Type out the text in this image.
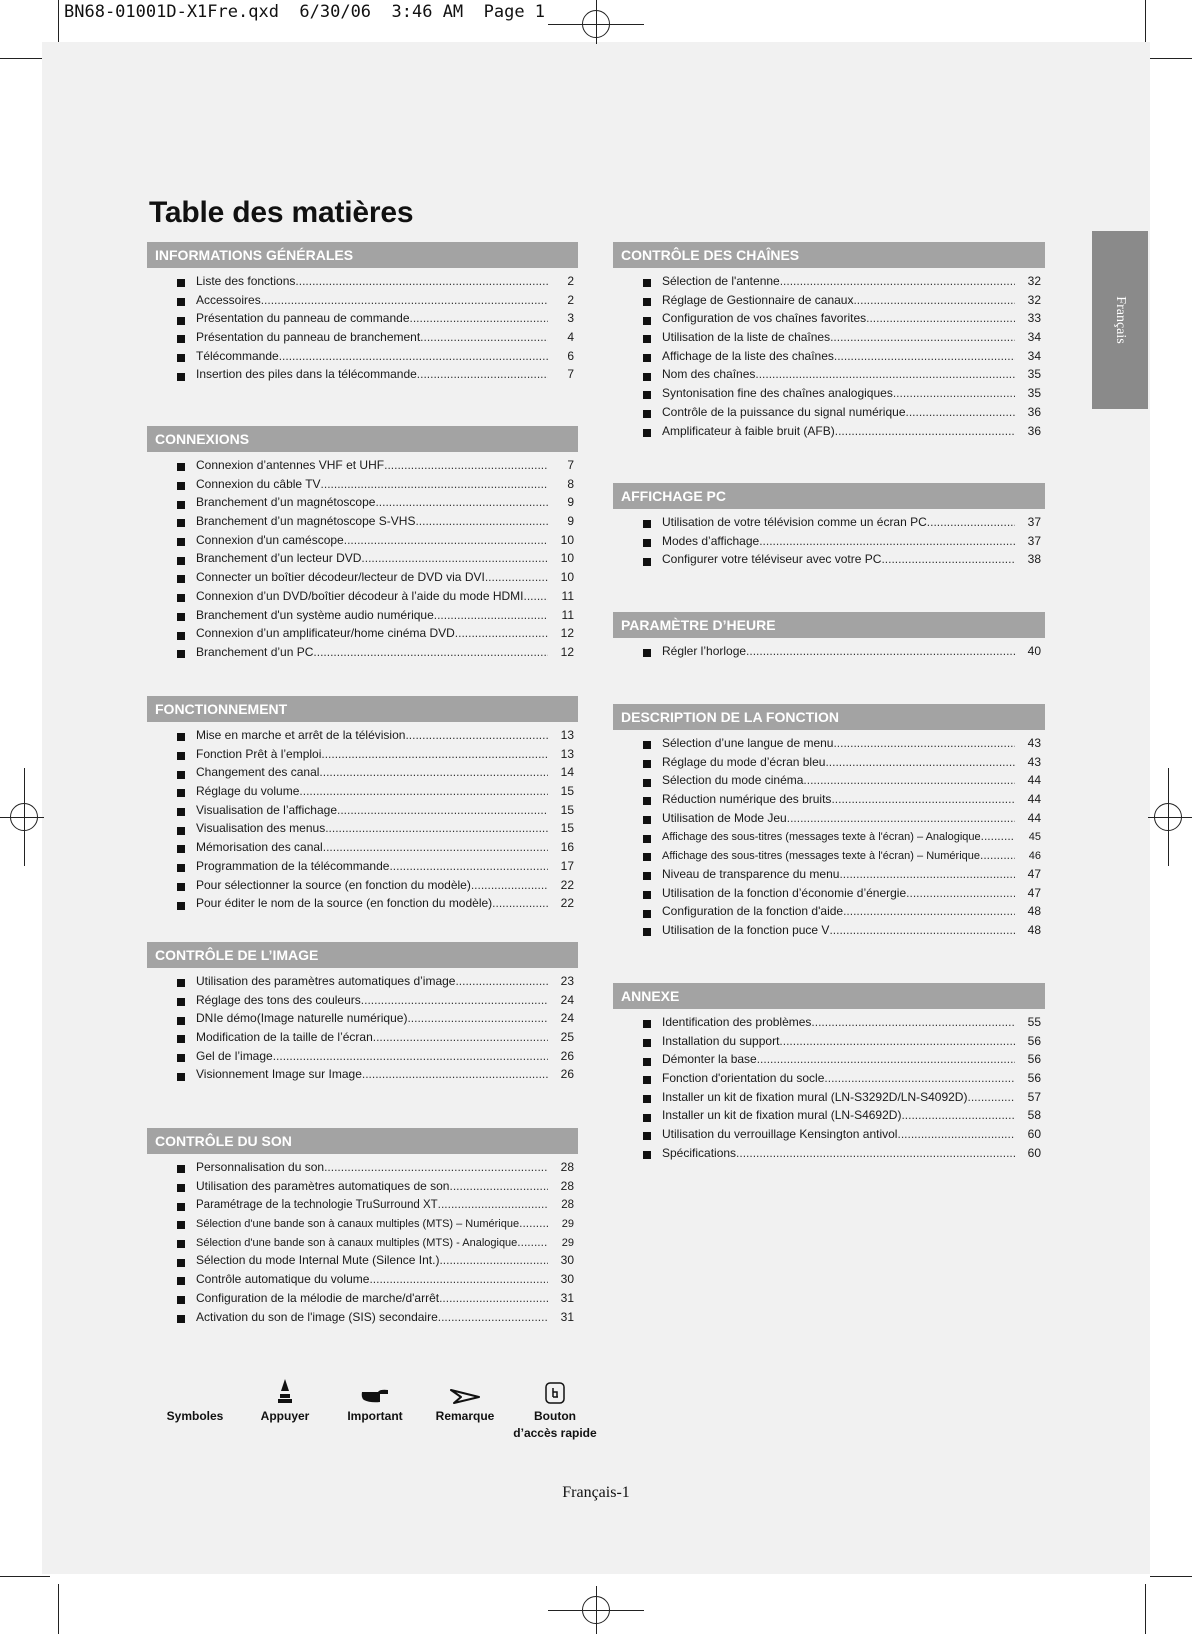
BN68-01001D-X1Fre.qxd  6/30/06  3:46 AM  Page 1
Français
Table des matières
INFORMATIONS GÉNÉRALES
Liste des fonctions .....	2
Accessoires .....	2
Présentation du panneau de commande .....	3
Présentation du panneau de branchement .....	4
Télécommande .....	6
Insertion des piles dans la télécommande .....	7
CONNEXIONS
Connexion d’antennes VHF et UHF .....	7
Connexion du câble TV .....	8
Branchement d’un magnétoscope .....	9
Branchement d’un magnétoscope S-VHS .....	9
Connexion d'un caméscope .....	10
Branchement d’un lecteur DVD .....	10
Connecter un boîtier décodeur/lecteur de DVD via DVI .....	10
Connexion d’un DVD/boîtier décodeur à l’aide du mode HDMI .....	11
Branchement d'un système audio numérique .....	11
Connexion d’un amplificateur/home cinéma DVD .....	12
Branchement d’un PC .....	12
FONCTIONNEMENT
Mise en marche et arrêt de la télévision .....	13
Fonction Prêt à l’emploi .....	13
Changement des canal .....	14
Réglage du volume .....	15
Visualisation de l’affichage .....	15
Visualisation des menus .....	15
Mémorisation des canal .....	16
Programmation de la télécommande .....	17
Pour sélectionner la source (en fonction du modèle) .....	22
Pour éditer le nom de la source (en fonction du modèle) .....	22
CONTRÔLE DE L’IMAGE
Utilisation des paramètres automatiques d’image .....	23
Réglage des tons des couleurs .....	24
DNIe démo(Image naturelle numérique) .....	24
Modification de la taille de l’écran .....	25
Gel de l’image .....	26
Visionnement Image sur Image .....	26
CONTRÔLE DU SON
Personnalisation du son .....	28
Utilisation des paramètres automatiques de son .....	28
Paramétrage de la technologie TruSurround XT .....	28
Sélection d'une bande son à canaux multiples (MTS) – Numérique .....	29
Sélection d'une bande son à canaux multiples (MTS) - Analogique .....	29
Sélection du mode Internal Mute (Silence Int.) .....	30
Contrôle automatique du volume .....	30
Configuration de la mélodie de marche/d'arrêt .....	31
Activation du son de l'image (SIS) secondaire .....	31
CONTRÔLE DES CHAÎNES
Sélection de l'antenne .....	32
Réglage de Gestionnaire de canaux .....	32
Configuration de vos chaînes favorites .....	33
Utilisation de la liste de chaînes .....	34
Affichage de la liste des chaînes .....	34
Nom des chaînes .....	35
Syntonisation fine des chaînes analogiques .....	35
Contrôle de la puissance du signal numérique .....	36
Amplificateur à faible bruit (AFB) .....	36
AFFICHAGE PC
Utilisation de votre télévision comme un écran PC .....	37
Modes d’affichage .....	37
Configurer votre téléviseur avec votre PC .....	38
PARAMÈTRE D’HEURE
Régler l’horloge .....	40
DESCRIPTION DE LA FONCTION
Sélection d’une langue de menu .....	43
Réglage du mode d’écran bleu .....	43
Sélection du mode cinéma .....	44
Réduction numérique des bruits .....	44
Utilisation de Mode Jeu .....	44
Affichage des sous-titres (messages texte à l'écran) – Analogique .....	45
Affichage des sous-titres (messages texte à l'écran) – Numérique .....	46
Niveau de transparence du menu .....	47
Utilisation de la fonction d’économie d’énergie .....	47
Configuration de la fonction d'aide .....	48
Utilisation de la fonction puce V .....	48
ANNEXE
Identification des problèmes .....	55
Installation du support .....	56
Démonter la base .....	56
Fonction d'orientation du socle .....	56
Installer un kit de fixation mural (LN-S3292D/LN-S4092D) .....	57
Installer un kit de fixation mural (LN-S4692D) .....	58
Utilisation du verrouillage Kensington antivol .....	60
Spécifications .....	60
Symboles	Appuyer	Important	Remarque	Bouton
d’accès rapide
Français-1
